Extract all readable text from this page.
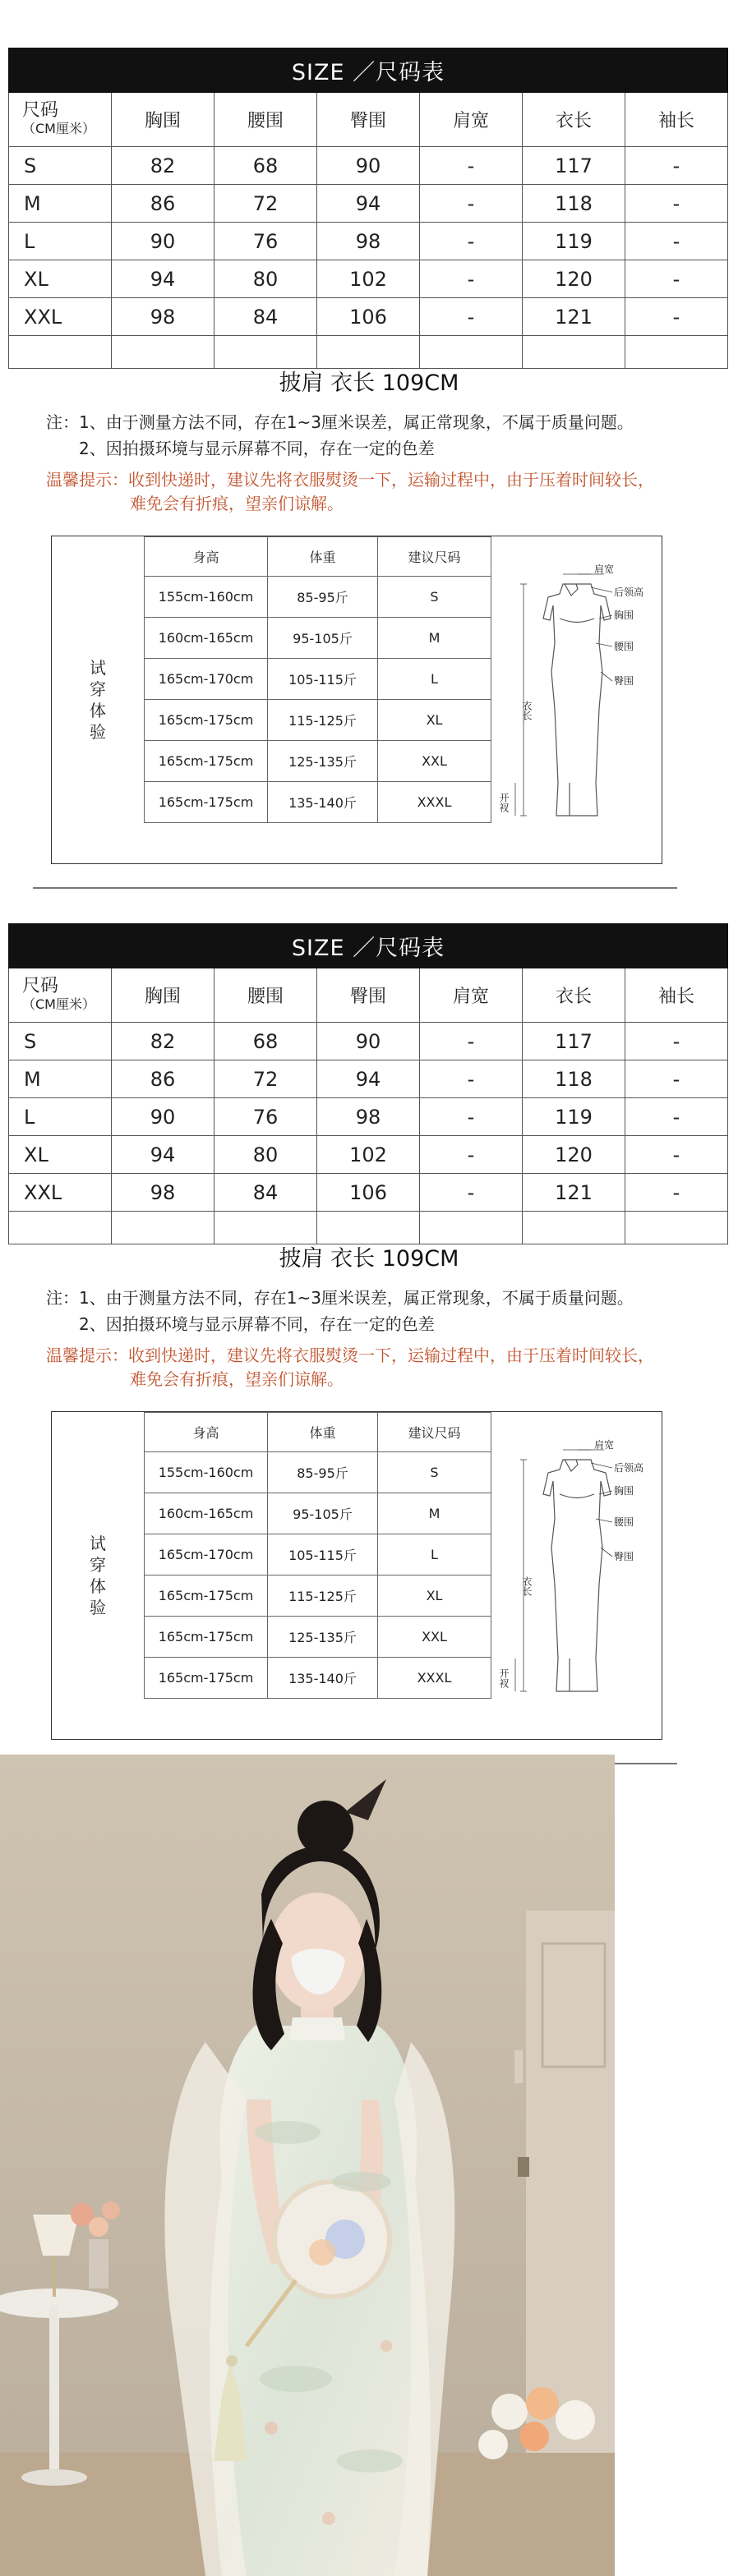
SIZE ／尺码表						
尺码
（CM厘米）	胸围	腰围	臀围	肩宽	衣长	袖长
S	82	68	90	-	117	-
M	86	72	94	-	118	-
L	90	76	98	-	119	-
XL	94	80	102	-	120	-
XXL	98	84	106	-	121	-

披肩 衣长 109CM
注：1、由于测量方法不同，存在1~3厘米误差，属正常现象，不属于质量问题。
2、因拍摄环境与显示屏幕不同，存在一定的色差
温馨提示：收到快递时，建议先将衣服熨烫一下，运输过程中，由于压着时间较长，
难免会有折痕，望亲们谅解。
试
穿
体
验
身高	体重	建议尺码
155cm-160cm	85-95斤	S
160cm-165cm	95-105斤	M
165cm-170cm	105-115斤	L
165cm-175cm	115-125斤	XL
165cm-175cm	125-135斤	XXL
165cm-175cm	135-140斤	XXXL
肩宽
后领高
胸围
腰围
臀围
衣长
开衩
SIZE ／尺码表						
尺码
（CM厘米）	胸围	腰围	臀围	肩宽	衣长	袖长
S	82	68	90	-	117	-
M	86	72	94	-	118	-
L	90	76	98	-	119	-
XL	94	80	102	-	120	-
XXL	98	84	106	-	121	-

披肩 衣长 109CM
注：1、由于测量方法不同，存在1~3厘米误差，属正常现象，不属于质量问题。
2、因拍摄环境与显示屏幕不同，存在一定的色差
温馨提示：收到快递时，建议先将衣服熨烫一下，运输过程中，由于压着时间较长，
难免会有折痕，望亲们谅解。
试
穿
体
验
身高	体重	建议尺码
155cm-160cm	85-95斤	S
160cm-165cm	95-105斤	M
165cm-170cm	105-115斤	L
165cm-175cm	115-125斤	XL
165cm-175cm	125-135斤	XXL
165cm-175cm	135-140斤	XXXL
肩宽
后领高
胸围
腰围
臀围
衣长
开衩
